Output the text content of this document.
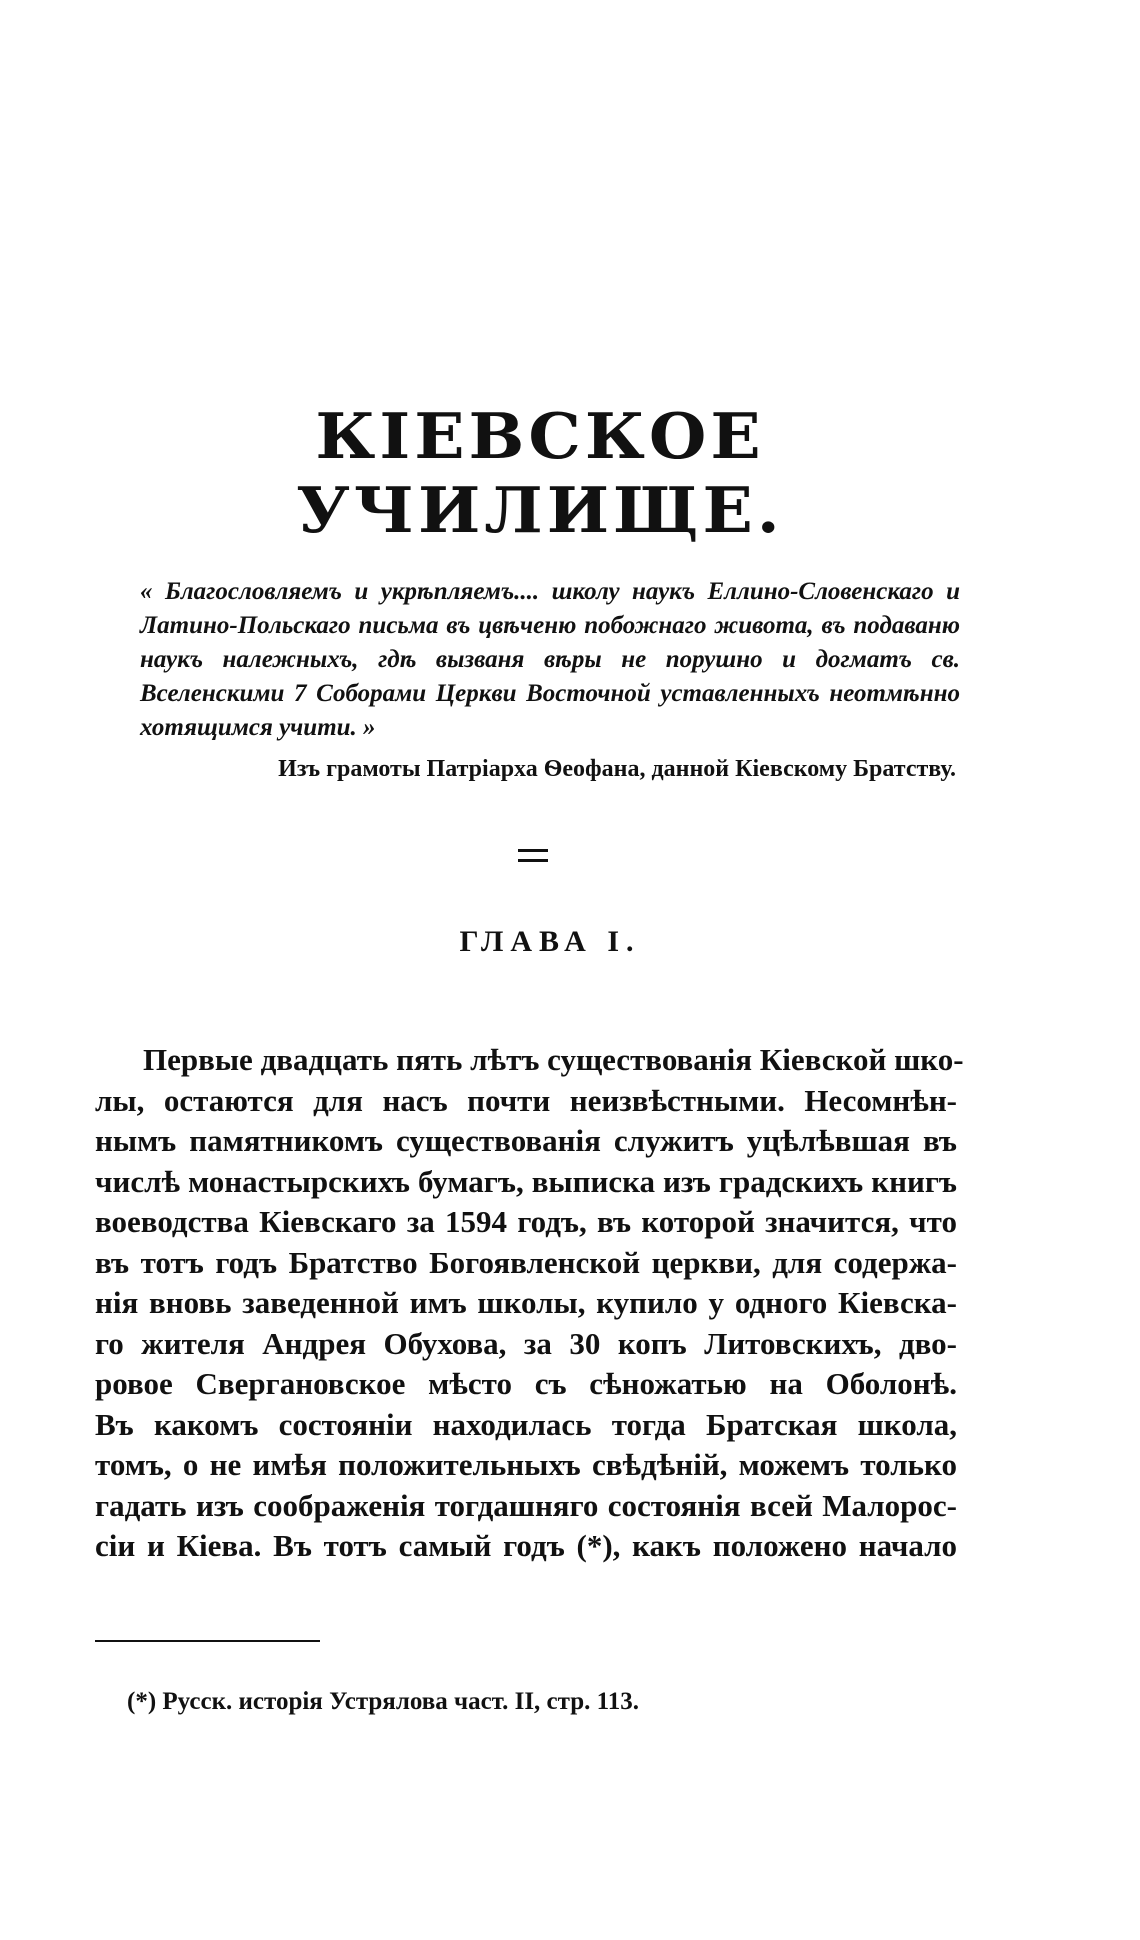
КІЕВСКОЕ УЧИЛИЩЕ.
« Благословляемъ и укрѣпляемъ.... школу наукъ Еллино-Словенскаго и Латино-Польскаго письма въ цвѣченю побожнаго живота, въ подаваню наукъ належныхъ, гдѣ вызваня вѣры не порушно и догматъ св. Вселенскими 7 Соборами Церкви Восточной уставленныхъ неотмѣнно хотящимся учити. »
Изъ грамоты Патріарха Ѳеофана, данной Кіевскому Братству.
ГЛАВА I.
Первые двадцать пять лѣтъ существованія Кіевской шко-
лы, остаются для насъ почти неизвѣстными. Несомнѣн-
нымъ памятникомъ существованія служитъ уцѣлѣвшая въ
числѣ монастырскихъ бумагъ, выписка изъ градскихъ книгъ
воеводства Кіевскаго за 1594 годъ, въ которой значится, что
въ тотъ годъ Братство Богоявленской церкви, для содержа-
нія вновь заведенной имъ школы, купило у одного Кіевска-
го жителя Андрея Обухова, за 30 копъ Литовскихъ, дво-
ровое Свергановское мѣсто съ сѣножатью на Оболонѣ.
Въ какомъ состояніи находилась тогда Братская школа,
томъ, о не имѣя положительныхъ свѣдѣній, можемъ только
гадать изъ соображенія тогдашняго состоянія всей Малорос-
сіи и Кіева. Въ тотъ самый годъ (*), какъ положено начало
(*) Русск. исторія Устрялова част. II, стр. 113.
